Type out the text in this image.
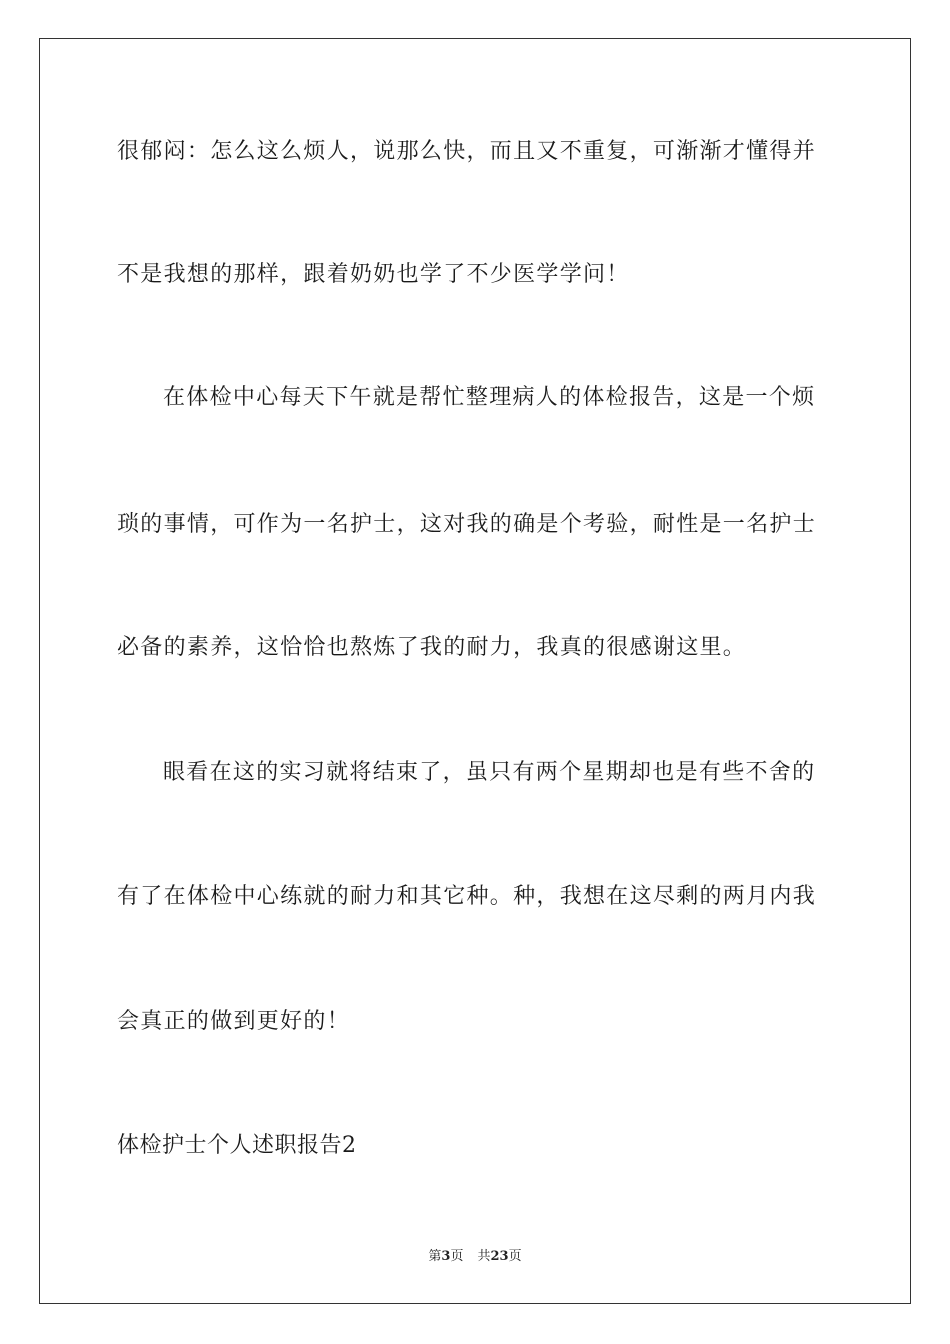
很郁闷：怎么这么烦人，说那么快，而且又不重复，可渐渐才懂得并
不是我想的那样，跟着奶奶也学了不少医学学问！
在体检中心每天下午就是帮忙整理病人的体检报告，这是一个烦
琐的事情，可作为一名护士，这对我的确是个考验，耐性是一名护士
必备的素养，这恰恰也熬炼了我的耐力，我真的很感谢这里。
眼看在这的实习就将结束了，虽只有两个星期却也是有些不舍的
有了在体检中心练就的耐力和其它种。种，我想在这尽剩的两月内我
会真正的做到更好的！
体检护士个人述职报告2
第3页 共23页
